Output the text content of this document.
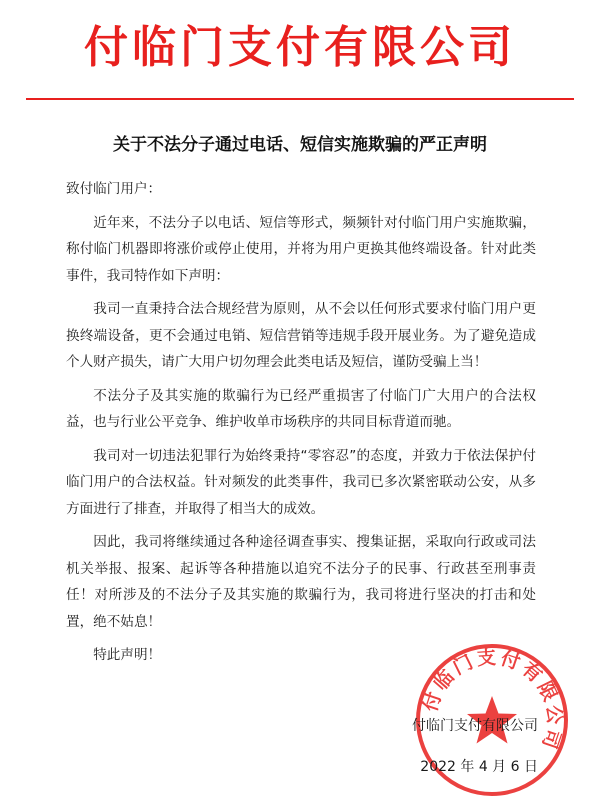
付临门支付有限公司
关于不法分子通过电话、短信实施欺骗的严正声明

致付临门用户：

近年来，不法分子以电话、短信等形式，频频针对付临门用户实施欺骗，称付临门机器即将涨价或停止使用，并将为用户更换其他终端设备。针对此类事件，我司特作如下声明：

我司一直秉持合法合规经营为原则，从不会以任何形式要求付临门用户更换终端设备，更不会通过电销、短信营销等违规手段开展业务。为了避免造成个人财产损失，请广大用户切勿理会此类电话及短信，谨防受骗上当！

不法分子及其实施的欺骗行为已经严重损害了付临门广大用户的合法权益，也与行业公平竞争、维护收单市场秩序的共同目标背道而驰。

我司对一切违法犯罪行为始终秉持“零容忍”的态度，并致力于依法保护付临门用户的合法权益。针对频发的此类事件，我司已多次紧密联动公安，从多方面进行了排查，并取得了相当大的成效。

因此，我司将继续通过各种途径调查事实、搜集证据，采取向行政或司法机关举报、报案、起诉等各种措施以追究不法分子的民事、行政甚至刑事责任！对所涉及的不法分子及其实施的欺骗行为，我司将进行坚决的打击和处置，绝不姑息！

特此声明！

付临门支付有限公司
付临门支付有限公司
2022 年 4 月 6 日
